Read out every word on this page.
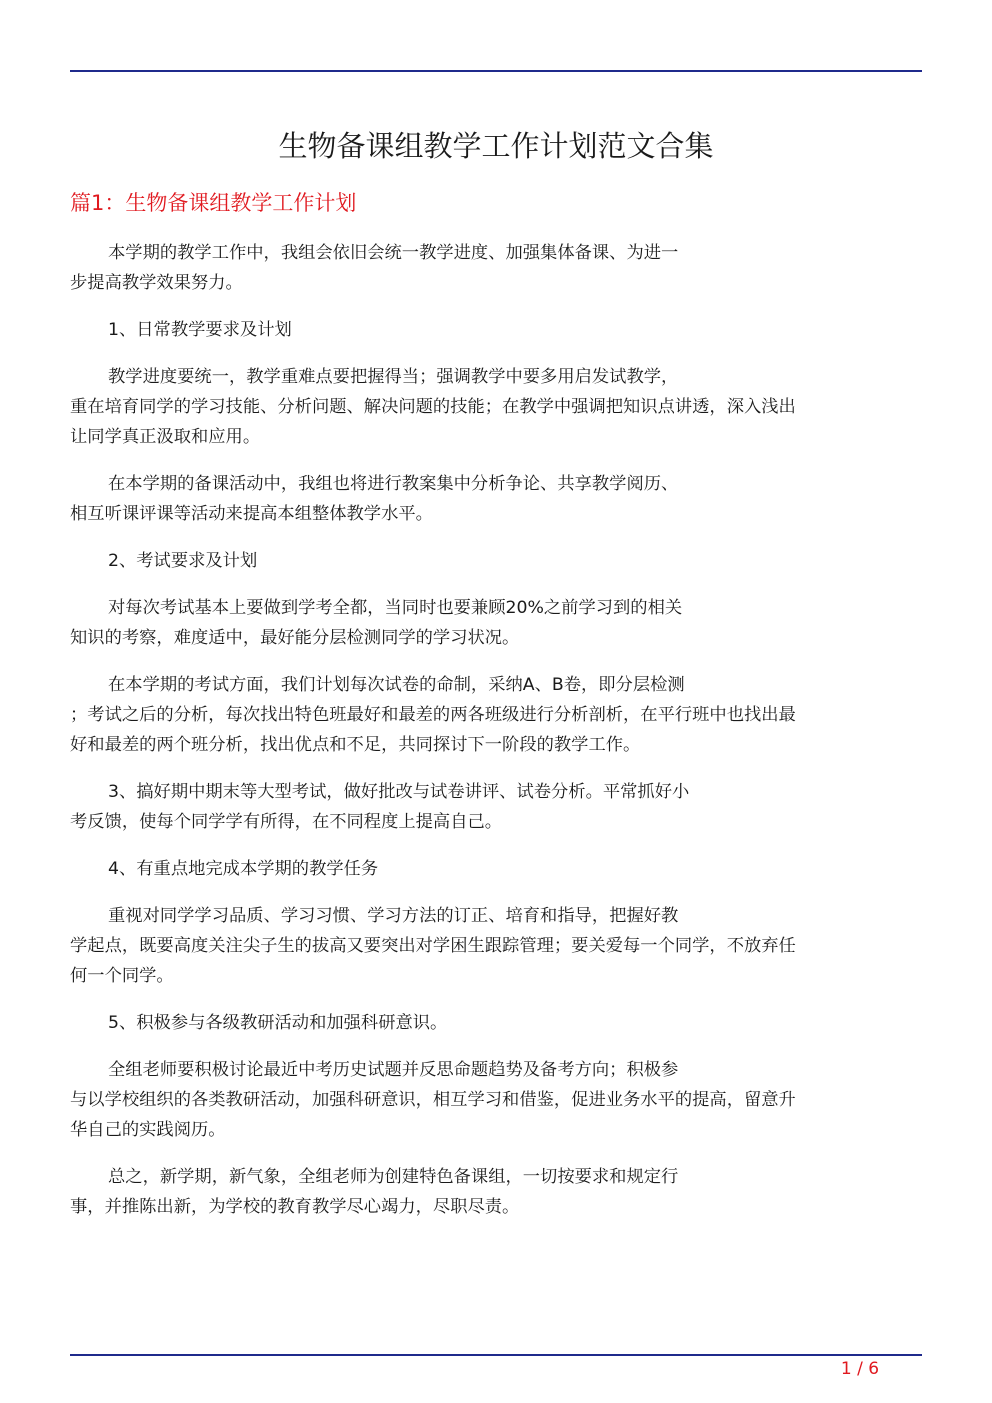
生物备课组教学工作计划范文合集
篇1：生物备课组教学工作计划

本学期的教学工作中，我组会依旧会统一教学进度、加强集体备课、为进一
步提高教学效果努力。

1、日常教学要求及计划

教学进度要统一，教学重难点要把握得当；强调教学中要多用启发试教学，
重在培育同学的学习技能、分析问题、解决问题的技能；在教学中强调把知识点讲透，深入浅出
让同学真正汲取和应用。

在本学期的备课活动中，我组也将进行教案集中分析争论、共享教学阅历、
相互听课评课等活动来提高本组整体教学水平。

2、考试要求及计划

对每次考试基本上要做到学考全都，当同时也要兼顾20%之前学习到的相关
知识的考察，难度适中，最好能分层检测同学的学习状况。

在本学期的考试方面，我们计划每次试卷的命制，采纳A、B卷，即分层检测
；考试之后的分析，每次找出特色班最好和最差的两各班级进行分析剖析，在平行班中也找出最
好和最差的两个班分析，找出优点和不足，共同探讨下一阶段的教学工作。

3、搞好期中期末等大型考试，做好批改与试卷讲评、试卷分析。平常抓好小
考反馈，使每个同学学有所得，在不同程度上提高自己。

4、有重点地完成本学期的教学任务

重视对同学学习品质、学习习惯、学习方法的订正、培育和指导，把握好教
学起点，既要高度关注尖子生的拔高又要突出对学困生跟踪管理；要关爱每一个同学，不放弃任
何一个同学。

5、积极参与各级教研活动和加强科研意识。

全组老师要积极讨论最近中考历史试题并反思命题趋势及备考方向；积极参
与以学校组织的各类教研活动，加强科研意识，相互学习和借鉴，促进业务水平的提高，留意升
华自己的实践阅历。

总之，新学期，新气象，全组老师为创建特色备课组，一切按要求和规定行
事，并推陈出新，为学校的教育教学尽心竭力，尽职尽责。

1 / 6
